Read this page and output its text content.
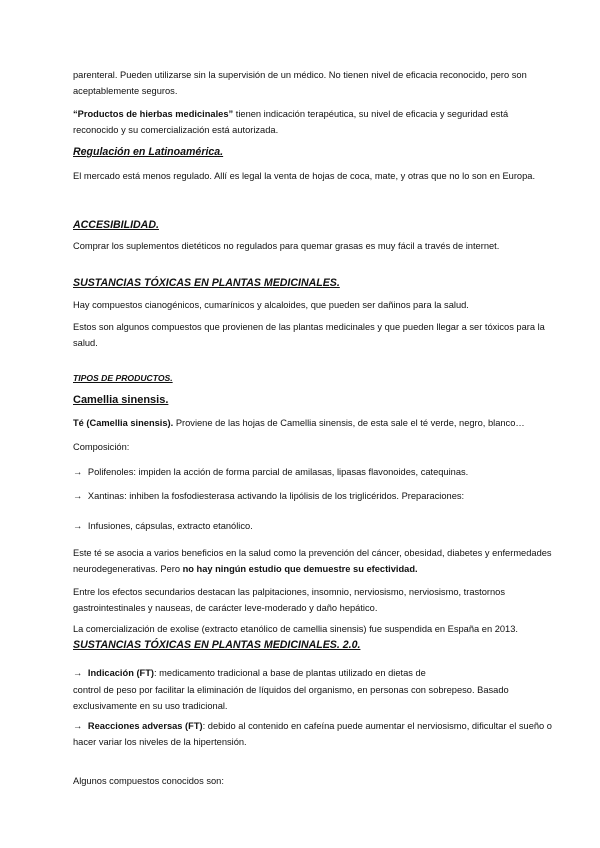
parenteral. Pueden utilizarse sin la supervisión de un médico. No tienen nivel de eficacia reconocido, pero son aceptablemente seguros.

“Productos de hierbas medicinales” tienen indicación terapéutica, su nivel de eficacia y seguridad está reconocido y su comercialización está autorizada.

Regulación en Latinoamérica.

El mercado está menos regulado. Allí es legal la venta de hojas de coca, mate, y otras que no lo son en Europa.

ACCESIBILIDAD.

Comprar los suplementos dietéticos no regulados para quemar grasas es muy fácil a través de internet.

SUSTANCIAS TÓXICAS EN PLANTAS MEDICINALES.

Hay compuestos cianogénicos, cumarínicos y alcaloides, que pueden ser dañinos para la salud.

Estos son algunos compuestos que provienen de las plantas medicinales y que pueden llegar a ser tóxicos para la salud.

TIPOS DE PRODUCTOS.
Camellia sinensis.

Té (Camellia sinensis). Proviene de las hojas de Camellia sinensis, de esta sale el té verde, negro, blanco…

Composición:

→ Polifenoles: impiden la acción de forma parcial de amilasas, lipasas flavonoides, catequinas.

→ Xantinas: inhiben la fosfodiesterasa activando la lipólisis de los triglicéridos. Preparaciones:

→ Infusiones, cápsulas, extracto etanólico.

Este té se asocia a varios beneficios en la salud como la prevención del cáncer, obesidad, diabetes y enfermedades neurodegenerativas. Pero no hay ningún estudio que demuestre su efectividad.

Entre los efectos secundarios destacan las palpitaciones, insomnio, nerviosismo, nerviosismo, trastornos gastrointestinales y nauseas, de carácter leve-moderado y daño hepático.

La comercialización de exolise (extracto etanólico de camellia sinensis) fue suspendida en España en 2013.

SUSTANCIAS TÓXICAS EN PLANTAS MEDICINALES. 2.0.

→ Indicación (FT): medicamento tradicional a base de plantas utilizado en dietas de

control de peso por facilitar la eliminación de líquidos del organismo, en personas con sobrepeso. Basado exclusivamente en su uso tradicional.

→ Reacciones adversas (FT): debido al contenido en cafeína puede aumentar el nerviosismo, dificultar el sueño o hacer variar los niveles de la hipertensión.

Algunos compuestos conocidos son:
